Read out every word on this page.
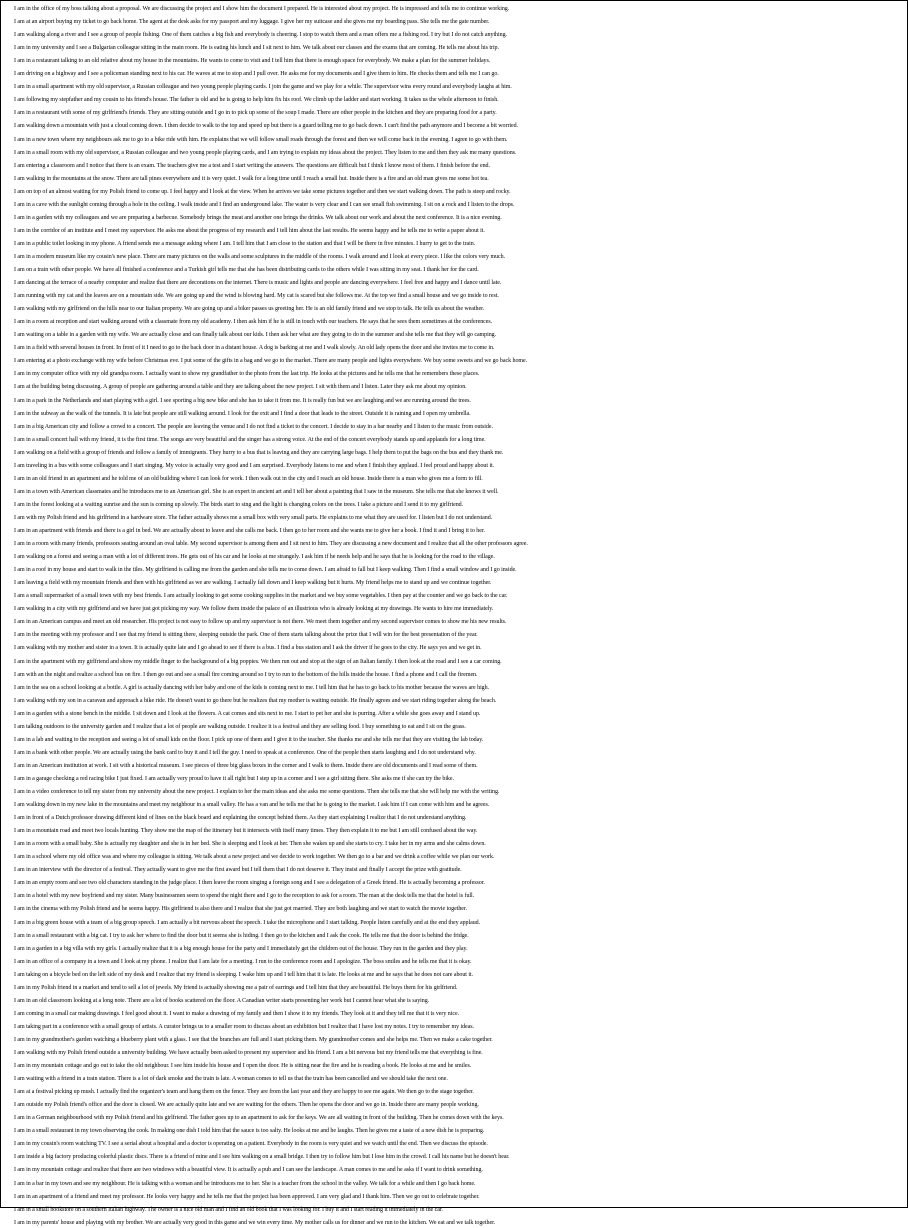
I am in the office of my boss talking about a proposal. We are discussing the project and I show him the document I prepared. He is interested about my project. He is impressed and tells me to continue working.
I am at an airport buying my ticket to go back home. The agent at the desk asks for my passport and my luggage. I give her my suitcase and she gives me my boarding pass. She tells me the gate number.
I am walking along a river and I see a group of people fishing. One of them catches a big fish and everybody is cheering. I stop to watch them and a man offers me a fishing rod. I try but I do not catch anything.
I am in my university and I see a Bulgarian colleague sitting in the main room. He is eating his lunch and I sit next to him. We talk about our classes and the exams that are coming. He tells me about his trip.
I am in a restaurant talking to an old relative about my house in the mountains. He wants to come to visit and I tell him that there is enough space for everybody. We make a plan for the summer holidays.
I am driving on a highway and I see a policeman standing next to his car. He waves at me to stop and I pull over. He asks me for my documents and I give them to him. He checks them and tells me I can go.
I am in a small apartment with my old supervisor, a Russian colleague and two young people playing cards. I join the game and we play for a while. The supervisor wins every round and everybody laughs at him.
I am following my stepfather and my cousin to his friend's house. The father is old and he is going to help him fix his roof. We climb up the ladder and start working. It takes us the whole afternoon to finish.
I am in a restaurant with some of my girlfriend's friends. They are sitting outside and I go in to pick up some of the soup I made. There are other people in the kitchen and they are preparing food for a party.
I am walking down a mountain with just a cloud coming down. I then decide to walk to the top and speed up but there is a guard telling me to go back down. I can't find the path anymore and I become a bit worried.
I am in a new town where my neighbours ask me to go to a bike ride with him. He explains that we will follow small roads through the forest and then we will come back in the evening. I agree to go with them.
I am in a small room with my old supervisor, a Russian colleague and two young people playing cards, and I am trying to explain my ideas about the project. They listen to me and then they ask me many questions.
I am entering a classroom and I notice that there is an exam. The teachers give me a test and I start writing the answers. The questions are difficult but I think I know most of them. I finish before the end.
I am walking in the mountains at the snow. There are tall pines everywhere and it is very quiet. I walk for a long time until I reach a small hut. Inside there is a fire and an old man gives me some hot tea.
I am on top of an almost waiting for my Polish friend to come up. I feel happy and I look at the view. When he arrives we take some pictures together and then we start walking down. The path is steep and rocky.
I am in a cave with the sunlight coming through a hole in the ceiling. I walk inside and I find an underground lake. The water is very clear and I can see small fish swimming. I sit on a rock and I listen to the drops.
I am in a garden with my colleagues and we are preparing a barbecue. Somebody brings the meat and another one brings the drinks. We talk about our work and about the next conference. It is a nice evening.
I am in the corridor of an institute and I meet my supervisor. He asks me about the progress of my research and I tell him about the last results. He seems happy and he tells me to write a paper about it.
I am in a public toilet looking in my phone. A friend sends me a message asking where I am. I tell him that I am close to the station and that I will be there in five minutes. I hurry to get to the train.
I am in a modern museum like my cousin's new place. There are many pictures on the walls and some sculptures in the middle of the rooms. I walk around and I look at every piece. I like the colors very much.
I am on a train with other people. We have all finished a conference and a Turkish girl tells me that she has been distributing cards to the others while I was sitting in my seat. I thank her for the card.
I am dancing at the terrace of a nearby computer and realize that there are decorations on the internet. There is music and lights and people are dancing everywhere. I feel free and happy and I dance until late.
I am running with my cat and the leaves are on a mountain side. We are going up and the wind is blowing hard. My cat is scared but she follows me. At the top we find a small house and we go inside to rest.
I am walking with my girlfriend on the hills near to our Italian property. We are going up and a biker passes us greeting her. He is an old family friend and we stop to talk. He tells us about the weather.
I am in a room at reception and start walking around with a classmate from my old academy. I then ask him if he is still in touch with our teachers. He says that he sees them sometimes at the conferences.
I am waiting on a table in a garden with my wife. We are actually close and can finally talk about our kids. I then ask her what are they going to do in the summer and she tells me that they will go camping.
I am in a field with several houses in front. In front of it I need to go to the back door in a distant house. A dog is barking at me and I walk slowly. An old lady opens the door and she invites me to come in.
I am entering at a photo exchange with my wife before Christmas eve. I put some of the gifts in a bag and we go to the market. There are many people and lights everywhere. We buy some sweets and we go back home.
I am in my computer office with my old grandpa room. I actually want to show my grandfather to the photo from the last trip. He looks at the pictures and he tells me that he remembers these places.
I am at the building being discussing. A group of people are gathering around a table and they are talking about the new project. I sit with them and I listen. Later they ask me about my opinion.
I am in a park in the Netherlands and start playing with a girl. I see sporting a big new bike and she has to take it from me. It is really fun but we are laughing and we are running around the trees.
I am in the subway as the walk of the tunnels. It is late but people are still walking around. I look for the exit and I find a door that leads to the street. Outside it is raining and I open my umbrella.
I am in a big American city and follow a crowd to a concert. The people are leaving the venue and I do not find a ticket to the concert. I decide to stay in a bar nearby and I listen to the music from outside.
I am in a small concert hall with my friend, it is the first time. The songs are very beautiful and the singer has a strong voice. At the end of the concert everybody stands up and applauds for a long time.
I am walking on a field with a group of friends and follow a family of immigrants. They hurry to a bus that is leaving and they are carrying large bags. I help them to put the bags on the bus and they thank me.
I am traveling in a bus with some colleagues and I start singing. My voice is actually very good and I am surprised. Everybody listens to me and when I finish they applaud. I feel proud and happy about it.
I am in an old friend in an apartment and he told me of an old building where I can look for work. I then walk out in the city and I reach an old house. Inside there is a man who gives me a form to fill.
I am in a town with American classmates and he introduces me to an American girl. She is an expert in ancient art and I tell her about a painting that I saw in the museum. She tells me that she knows it well.
I am in the forest looking at a waiting sunrise and the sun is coming up slowly. The birds start to sing and the light is changing colors on the trees. I take a picture and I send it to my girlfriend.
I am with my Polish friend and his girlfriend in a hardware store. The father actually shows me a small box with very small parts. He explains to me what they are used for. I listen but I do not understand.
I am in an apartment with friends and there is a girl in bed. We are actually about to leave and she calls me back. I then go to her room and she wants me to give her a book. I find it and I bring it to her.
I am in a room with many friends, professors seating around an oval table. My second supervisor is among them and I sit next to him. They are discussing a new document and I realize that all the other professors agree.
I am walking on a forest and seeing a man with a lot of different trees. He gets out of his car and he looks at me strangely. I ask him if he needs help and he says that he is looking for the road to the village.
I am in a roof in my house and start to walk in the tiles. My girlfriend is calling me from the garden and she tells me to come down. I am afraid to fall but I keep walking. Then I find a small window and I go inside.
I am leaving a field with my mountain friends and then with his girlfriend as we are walking. I actually fall down and I keep walking but it hurts. My friend helps me to stand up and we continue together.
I am a small supermarket of a small town with my best friends. I am actually looking to get some cooking supplies in the market and we buy some vegetables. I then pay at the counter and we go back to the car.
I am walking in a city with my girlfriend and we have just got picking my way. We follow them inside the palace of an illustrious who is already looking at my drawings. He wants to hire me immediately.
I am in an American campus and meet an old researcher. His project is not easy to follow up and my supervisor is not there. We meet them together and my second supervisor comes to show me his new results.
I am in the meeting with my professor and I see that my friend is sitting there, sleeping outside the park. One of them starts talking about the prize that I will win for the best presentation of the year.
I am walking with my mother and sister in a town. It is actually quite late and I go ahead to see if there is a bus. I find a bus station and I ask the driver if he goes to the city. He says yes and we get in.
I am in the apartment with my girlfriend and show my middle finger to the background of a big poppies. We then run out and stop at the sign of an Italian family. I then look at the road and I see a car coming.
I am with an the night and realize a school bus on fire. I then go out and see a small fire coming around so I try to run to the bottom of the hills inside the house. I find a phone and I call the firemen.
I am in the sea on a school looking at a bottle. A girl is actually dancing with her baby and one of the kids is coming next to me. I tell him that he has to go back to his mother because the waves are high.
I am walking with my son in a caravan and approach a bike ride. He doesn't want to go there but he realizes that my mother is waiting outside. He finally agrees and we start riding together along the beach.
I am in a garden with a stone bench in the middle. I sit down and I look at the flowers. A cat comes and sits next to me. I start to pet her and she is purring. After a while she goes away and I stand up.
I am talking outdoors to the university garden and I realize that a lot of people are walking outside. I realize it is a festival and they are selling food. I buy something to eat and I sit on the grass.
I am in a lab and waiting to the reception and seeing a lot of small kids on the floor. I pick up one of them and I give it to the teacher. She thanks me and she tells me that they are visiting the lab today.
I am in a bank with other people. We are actually using the bank card to buy it and I tell the guy. I need to speak at a conference. One of the people then starts laughing and I do not understand why.
I am in an American institution at work. I sit with a historical museum. I see pieces of three big glass boxes in the corner and I walk to them. Inside there are old documents and I read some of them.
I am in a garage checking a red racing bike I just fixed. I am actually very proud to have it all right but I step up in a corner and I see a girl sitting there. She asks me if she can try the bike.
I am in a video conference to tell my sister from my university about the new project. I explain to her the main ideas and she asks me some questions. Then she tells me that she will help me with the writing.
I am walking down in my new lake in the mountains and meet my neighbour in a small valley. He has a van and he tells me that he is going to the market. I ask him if I can come with him and he agrees.
I am in front of a Dutch professor drawing different kind of lines on the black board and explaining the concept behind them. As they start explaining I realize that I do not understand anything.
I am in a mountain road and meet two locals hunting. They show me the map of the itinerary but it intersects with itself many times. They then explain it to me but I am still confused about the way.
I am in a room with a small baby. She is actually my daughter and she is in her bed. She is sleeping and I look at her. Then she wakes up and she starts to cry. I take her in my arms and she calms down.
I am in a school where my old office was and where my colleague is sitting. We talk about a new project and we decide to work together. We then go to a bar and we drink a coffee while we plan our work.
I am in an interview with the director of a festival. They actually want to give me the first award but I tell them that I do not deserve it. They insist and finally I accept the prize with gratitude.
I am in an empty room and see two old characters standing in the judge place. I then leave the room singing a foreign song and I see a delegation of a Greek friend. He is actually becoming a professor.
I am in a hotel with my new boyfriend and my sister. Many businessmen seem to spend the night there and I go to the reception to ask for a room. The man at the desk tells me that the hotel is full.
I am in the cinema with my Polish friend and he seems happy. His girlfriend is also there and I realize that she just got married. They are both laughing and we start to watch the movie together.
I am in a big green house with a team of a big group speech. I am actually a bit nervous about the speech. I take the microphone and I start talking. People listen carefully and at the end they applaud.
I am in a small restaurant with a big cat. I try to ask her where to find the door but it seems she is hiding. I then go to the kitchen and I ask the cook. He tells me that the door is behind the fridge.
I am in a garden in a big villa with my girls. I actually realize that it is a big enough house for the party and I immediately get the children out of the house. They run in the garden and they play.
I am in an office of a company in a town and I look at my phone. I realize that I am late for a meeting. I run to the conference room and I apologize. The boss smiles and he tells me that it is okay.
I am taking on a bicycle bed on the left side of my desk and I realize that my friend is sleeping. I wake him up and I tell him that it is late. He looks at me and he says that he does not care about it.
I am in my Polish friend in a market and tend to sell a lot of jewels. My friend is actually showing me a pair of earrings and I tell him that they are beautiful. He buys them for his girlfriend.
I am in an old classroom looking at a long note. There are a lot of books scattered on the floor. A Canadian writer starts presenting her work but I cannot hear what she is saying.
I am coming in a small car making drawings. I feel good about it. I want to make a drawing of my family and then I show it to my friends. They look at it and they tell me that it is very nice.
I am taking part in a conference with a small group of artists. A curator brings us to a smaller room to discuss about an exhibition but I realize that I have lost my notes. I try to remember my ideas.
I am in my grandmother's garden watching a blueberry plant with a glass. I see that the branches are full and I start picking them. My grandmother comes and she helps me. Then we make a cake together.
I am walking with my Polish friend outside a university building. We have actually been asked to present my supervisor and his friend. I am a bit nervous but my friend tells me that everything is fine.
I am in my mountain cottage and go out to take the old neighbour. I see him inside his house and I open the door. He is sitting near the fire and he is reading a book. He looks at me and he smiles.
I am waiting with a friend in a train station. There is a lot of dark smoke and the train is late. A woman comes to tell us that the train has been cancelled and we should take the next one.
I am at a festival picking up mush. I actually find the organizer's team and hang them on the fence. They are from the last year and they are happy to see me again. We then go to the stage together.
I am outside my Polish friend's office and the door is closed. We are actually quite late and we are waiting for the others. Then he opens the door and we go in. Inside there are many people working.
I am in a German neighbourhood with my Polish friend and his girlfriend. The father goes up to an apartment to ask for the keys. We are all waiting in front of the building. Then he comes down with the keys.
I am in a small restaurant in my town observing the cook. In making one dish I told him that the sauce is too salty. He looks at me and he laughs. Then he gives me a taste of a new dish he is preparing.
I am in my cousin's room watching TV. I see a serial about a hospital and a doctor is operating on a patient. Everybody in the room is very quiet and we watch until the end. Then we discuss the episode.
I am inside a big factory producing colorful plastic discs. There is a friend of mine and I see him walking on a small bridge. I then try to follow him but I lose him in the crowd. I call his name but he doesn't hear.
I am in my mountain cottage and realize that there are two windows with a beautiful view. It is actually a pub and I can see the landscape. A man comes to me and he asks if I want to drink something.
I am in a bar in my town and see my neighbour. He is talking with a woman and he introduces me to her. She is a teacher from the school in the valley. We talk for a while and then I go back home.
I am in an apartment of a friend and meet my professor. He looks very happy and he tells me that the project has been approved. I am very glad and I thank him. Then we go out to celebrate together.
I am in a small bookstore on a southern Italian highway. The owner is a nice old man and I find an old book that I was looking for. I buy it and I start reading it immediately in the car.
I am in my parents' house and playing with my brother. We are actually very good in this game and we win every time. My mother calls us for dinner and we run to the kitchen. We eat and we talk together.
